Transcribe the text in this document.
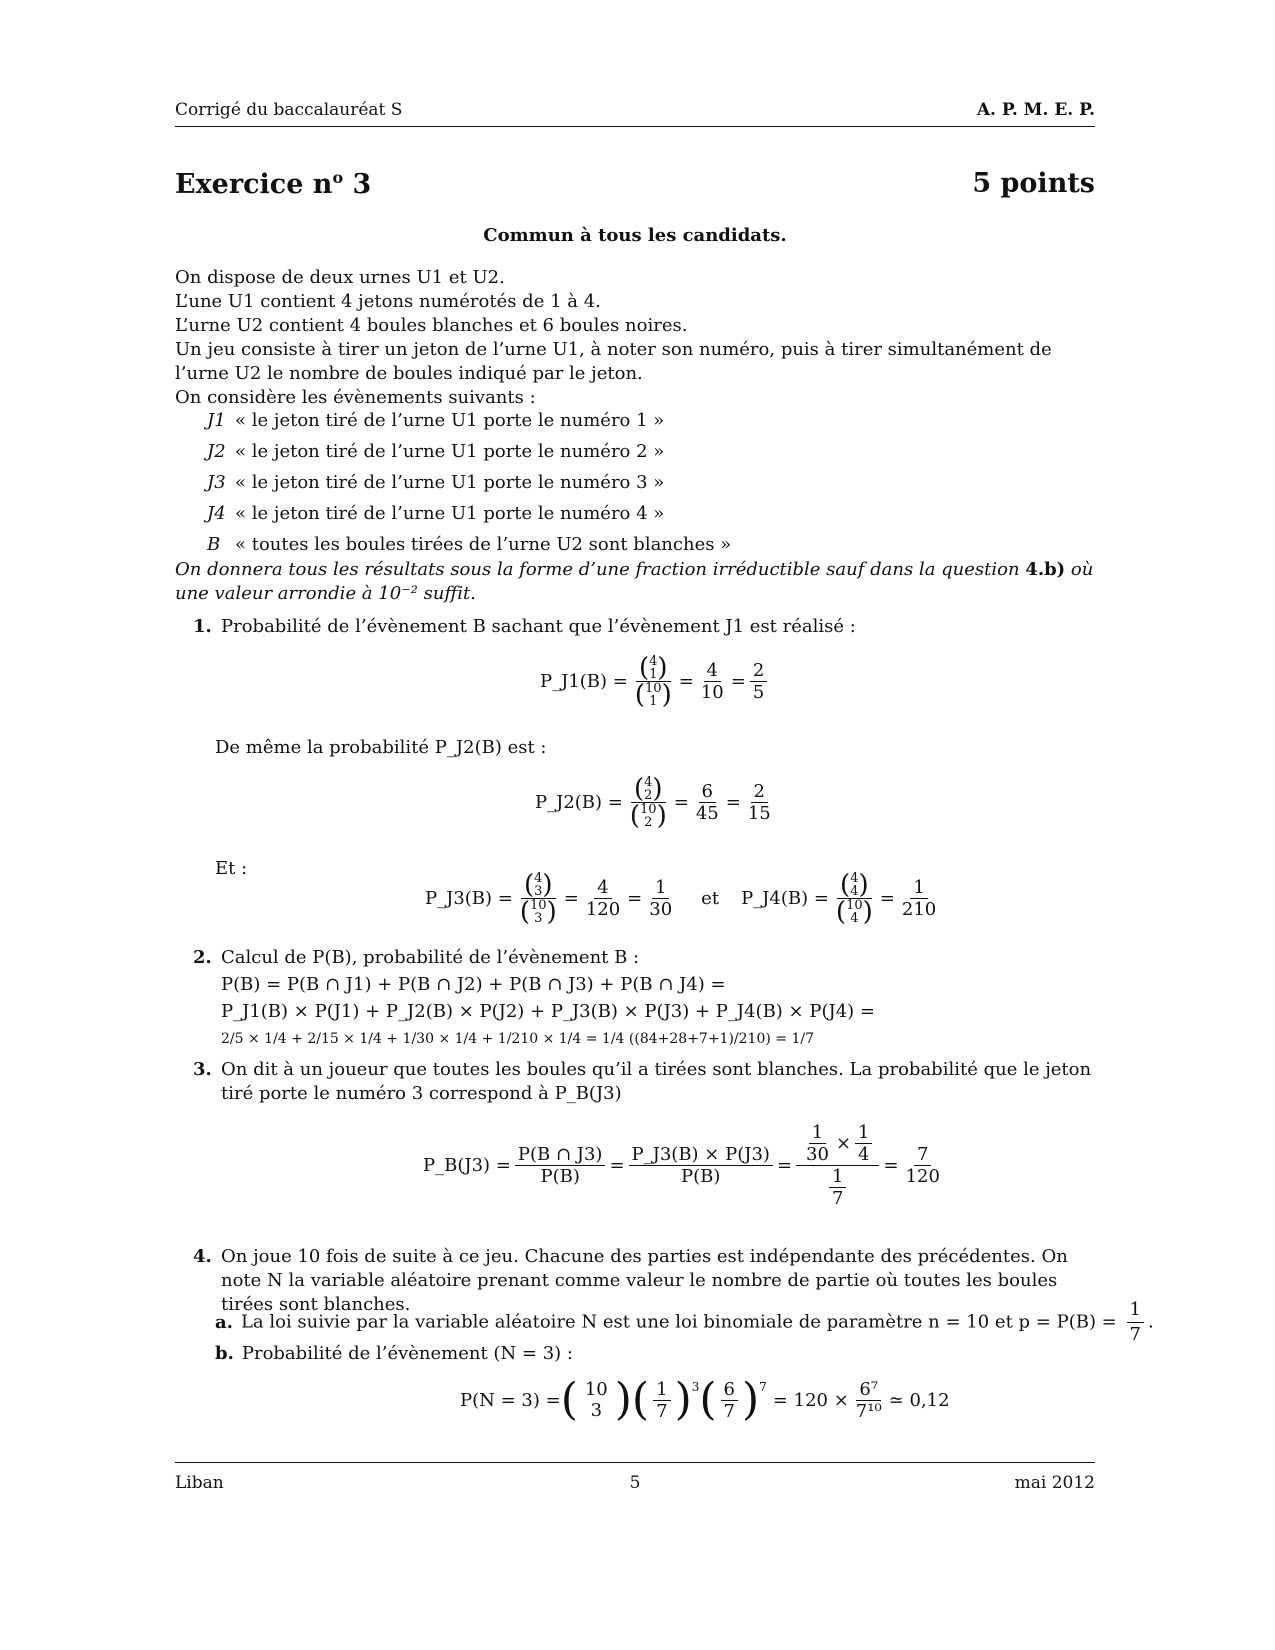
Corrigé du baccalauréat S	A. P. M. E. P.
Exercice $n^o$ 3	5 points
Commun à tous les candidats.

On dispose de deux urnes U1 et U2.

L’une U1 contient 4 jetons numérotés de 1 à 4.

L’urne U2 contient 4 boules blanches et 6 boules noires.

Un jeu consiste à tirer un jeton de l’urne U1, à noter son numéro, puis à tirer simultanément de l’urne U2 le nombre de boules indiqué par le jeton.

On considère les évènements suivants :

J1 « le jeton tiré de l’urne U1 porte le numéro 1 »
J2 « le jeton tiré de l’urne U1 porte le numéro 2 »
J3 « le jeton tiré de l’urne U1 porte le numéro 3 »
J4 « le jeton tiré de l’urne U1 porte le numéro 4 »
B « toutes les boules tirées de l’urne U2 sont blanches »
On donnera tous les résultats sous la forme d’une fraction irréductible sauf dans la question 4.b) où une valeur arrondie à 10⁻² suffit.
1. Probabilité de l’évènement B sachant que l’évènement J1 est réalisé :
P_J1(B) = ( 4
1 )
( 10
1 ) = $\frac{4}{10} = \frac{2}{5}$
De même la probabilité P_J2(B) est :
P_J2(B) = ( 4
2 )
( 10
2 ) = $\frac{6}{45} = \frac{2}{15}$
Et :
P_J3(B) = ( 4
3 )
( 10
3 ) = $\frac{4}{120} = \frac{1}{30}$ et P_J4(B) = ( 4
4 )
( 10
4 ) = $\frac{1}{210}$
2. Calcul de P(B), probabilité de l’évènement B :
P(B) = P(B ∩ J1) + P(B ∩ J2) + P(B ∩ J3) + P(B ∩ J4) =
P_J1(B) × P(J1) + P_J2(B) × P(J2) + P_J3(B) × P(J3) + P_J4(B) × P(J4) =
2/5 × 1/4 + 2/15 × 1/4 + 1/30 × 1/4 + 1/210 × 1/4 = 1/4 ((84+28+7+1)/210) = 1/7
3. On dit à un joueur que toutes les boules qu’il a tirées sont blanches. La probabilité que le jeton tiré porte le numéro 3 correspond à P_B(J3)
P_B(J3) = $\frac{P(B \cap J3)}{P(B)} = \frac{P\_J3(B) \times P(J3)}{P(B)} = \frac{\frac{1}{30} \times \frac{1}{4}}{\frac{1}{7}} = \frac{7}{120}$
4. On joue 10 fois de suite à ce jeu. Chacune des parties est indépendante des précédentes. On note N la variable aléatoire prenant comme valeur le nombre de partie où toutes les boules tirées sont blanches.
a. La loi suivie par la variable aléatoire N est une loi binomiale de paramètre n = 10 et $p = P(B) = \frac{1}{7}$ .
b. Probabilité de l’évènement (N = 3) :
P(N = 3) = ( 10
3 )( $\frac{1}{7} )^3$ ( $\frac{6}{7} )^7$
= $120 \times \frac{\text{6⁷}}{\text{7¹⁰}}$ ≃ 0,12
Liban	5	mai 2012
